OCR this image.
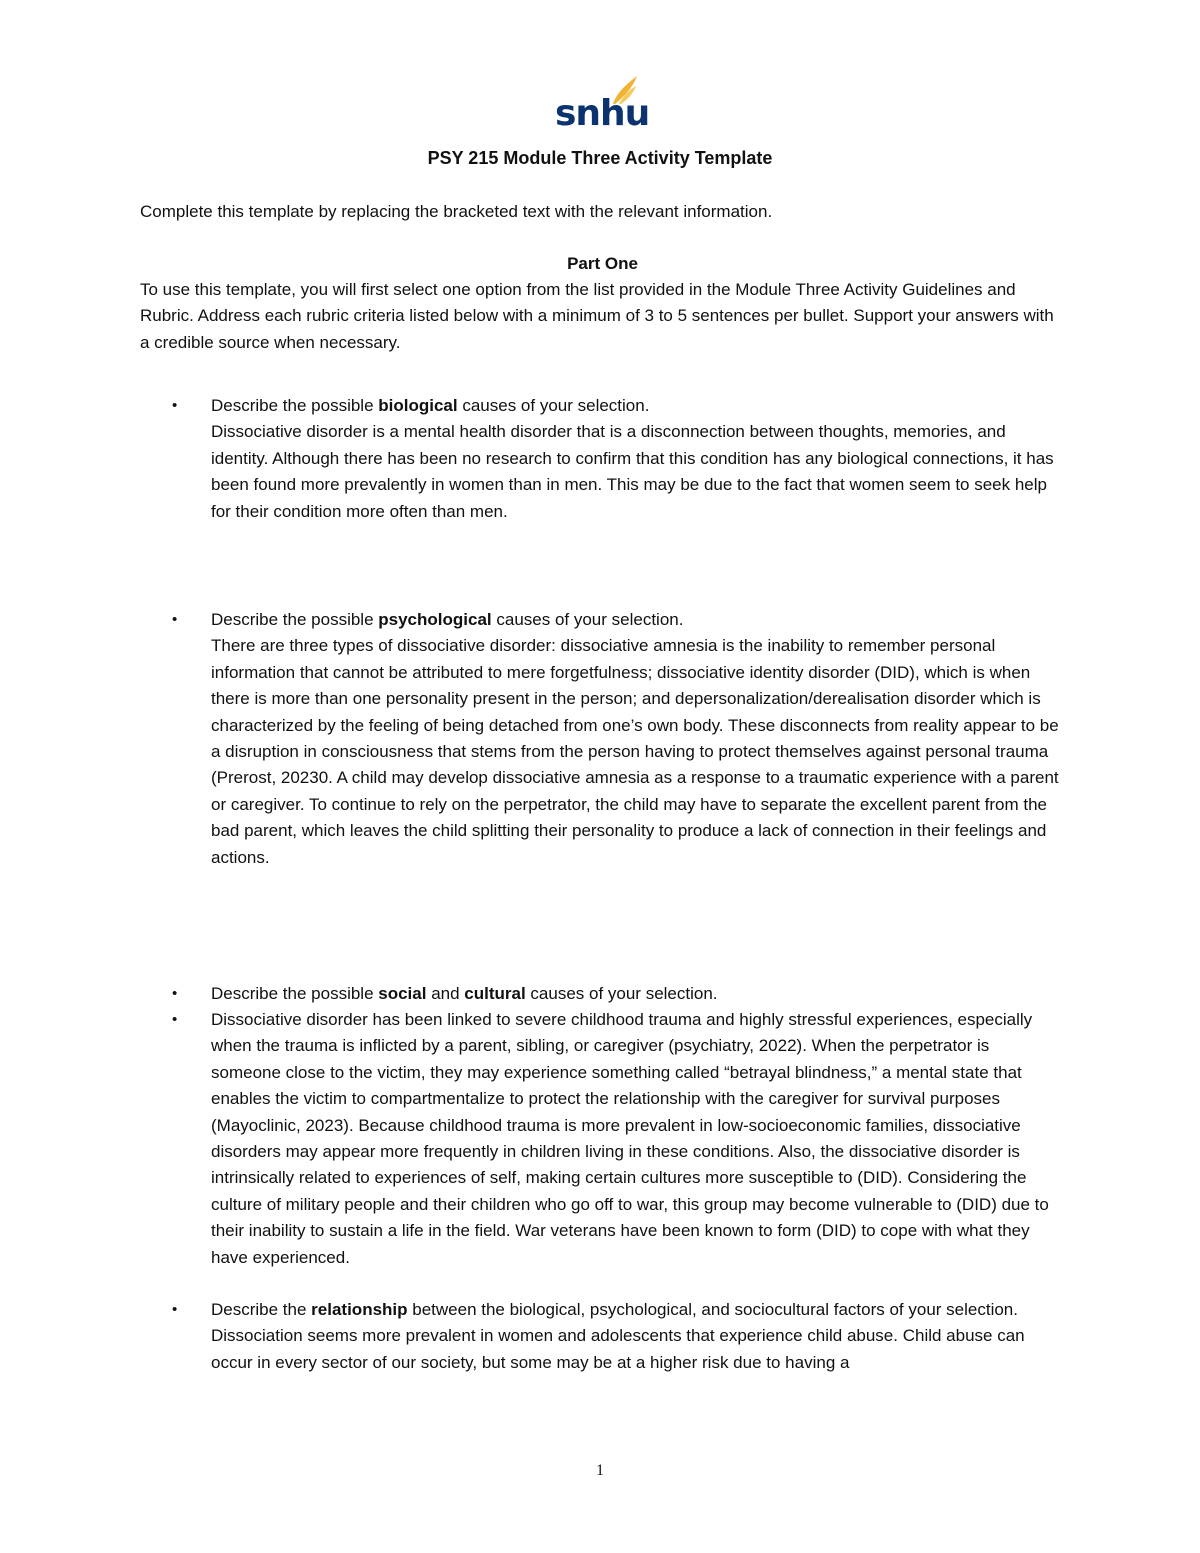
snhu
PSY 215 Module Three Activity Template

Complete this template by replacing the bracketed text with the relevant information.

Part One

To use this template, you will first select one option from the list provided in the Module Three Activity Guidelines and Rubric. Address each rubric criteria listed below with a minimum of 3 to 5 sentences per bullet. Support your answers with a credible source when necessary.

• Describe the possible biological causes of your selection.
Dissociative disorder is a mental health disorder that is a disconnection between thoughts, memories, and identity. Although there has been no research to confirm that this condition has any biological connections, it has been found more prevalently in women than in men. This may be due to the fact that women seem to seek help for their condition more often than men.
• Describe the possible psychological causes of your selection.
There are three types of dissociative disorder: dissociative amnesia is the inability to remember personal information that cannot be attributed to mere forgetfulness; dissociative identity disorder (DID), which is when there is more than one personality present in the person; and depersonalization/derealisation disorder which is characterized by the feeling of being detached from one’s own body. These disconnects from reality appear to be a disruption in consciousness that stems from the person having to protect themselves against personal trauma (Prerost, 20230. A child may develop dissociative amnesia as a response to a traumatic experience with a parent or caregiver. To continue to rely on the perpetrator, the child may have to separate the excellent parent from the bad parent, which leaves the child splitting their personality to produce a lack of connection in their feelings and actions.
• Describe the possible social and cultural causes of your selection.
• Dissociative disorder has been linked to severe childhood trauma and highly stressful experiences, especially when the trauma is inflicted by a parent, sibling, or caregiver (psychiatry, 2022). When the perpetrator is someone close to the victim, they may experience something called “betrayal blindness,” a mental state that enables the victim to compartmentalize to protect the relationship with the caregiver for survival purposes (Mayoclinic, 2023). Because childhood trauma is more prevalent in low-socioeconomic families, dissociative disorders may appear more frequently in children living in these conditions. Also, the dissociative disorder is intrinsically related to experiences of self, making certain cultures more susceptible to (DID). Considering the culture of military people and their children who go off to war, this group may become vulnerable to (DID) due to their inability to sustain a life in the field. War veterans have been known to form (DID) to cope with what they have experienced.
• Describe the relationship between the biological, psychological, and sociocultural factors of your selection.
Dissociation seems more prevalent in women and adolescents that experience child abuse. Child abuse can occur in every sector of our society, but some may be at a higher risk due to having a
1
